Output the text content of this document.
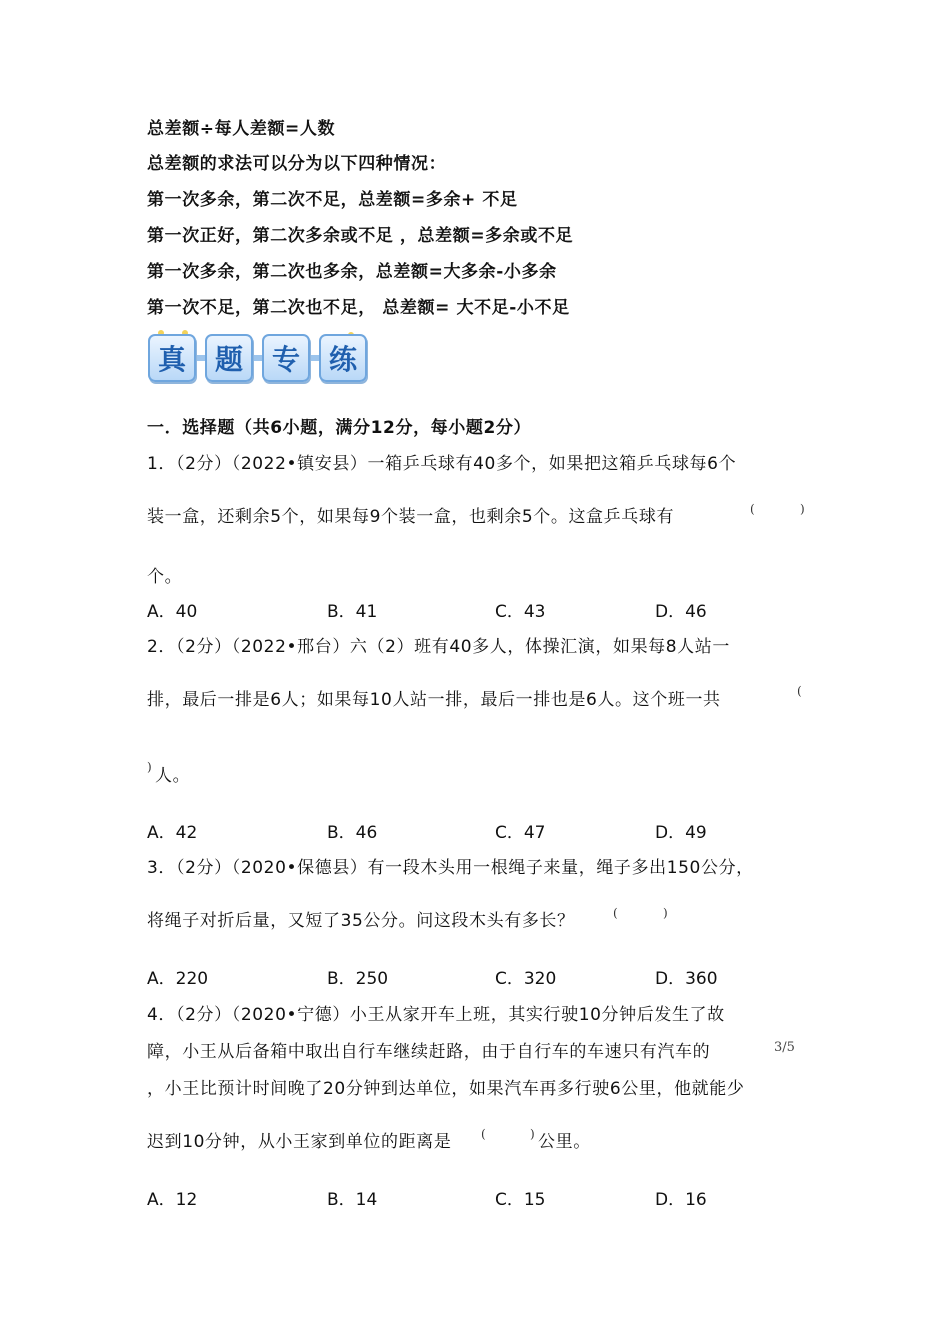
总差额÷每人差额=人数
总差额的求法可以分为以下四种情况：
第一次多余，第二次不足，总差额=多余+ 不足
第一次正好，第二次多余或不足 ，总差额=多余或不足
第一次多余，第二次也多余，总差额=大多余-小多余
第一次不足，第二次也不足， 总差额= 大不足-小不足
真	题	专	练
一．选择题（共6小题，满分12分，每小题2分）
1．（2分）（2022•镇安县）一箱乒乓球有40多个，如果把这箱乒乓球每6个
装一盒，还剩余5个，如果每9个装一盒，也剩余5个。这盒乒乓球有	(	)
个。
A．40	B．41	C．43	D．46
2．（2分）（2022•邢台）六（2）班有40多人，体操汇演，如果每8人站一
排，最后一排是6人；如果每10人站一排，最后一排也是6人。这个班一共	(
) 人。
A．42	B．46	C．47	D．49
3．（2分）（2020•保德县）有一段木头用一根绳子来量，绳子多出150公分，
将绳子对折后量，又短了35公分。问这段木头有多长？	(	)
A．220	B．250	C．320	D．360
4．（2分）（2020•宁德）小王从家开车上班，其实行驶10分钟后发生了故
障，小王从后备箱中取出自行车继续赶路，由于自行车的车速只有汽车的	3/5
，小王比预计时间晚了20分钟到达单位，如果汽车再多行驶6公里，他就能少
迟到10分钟，从小王家到单位的距离是 (	) 公里。
A．12	B．14	C．15	D．16
